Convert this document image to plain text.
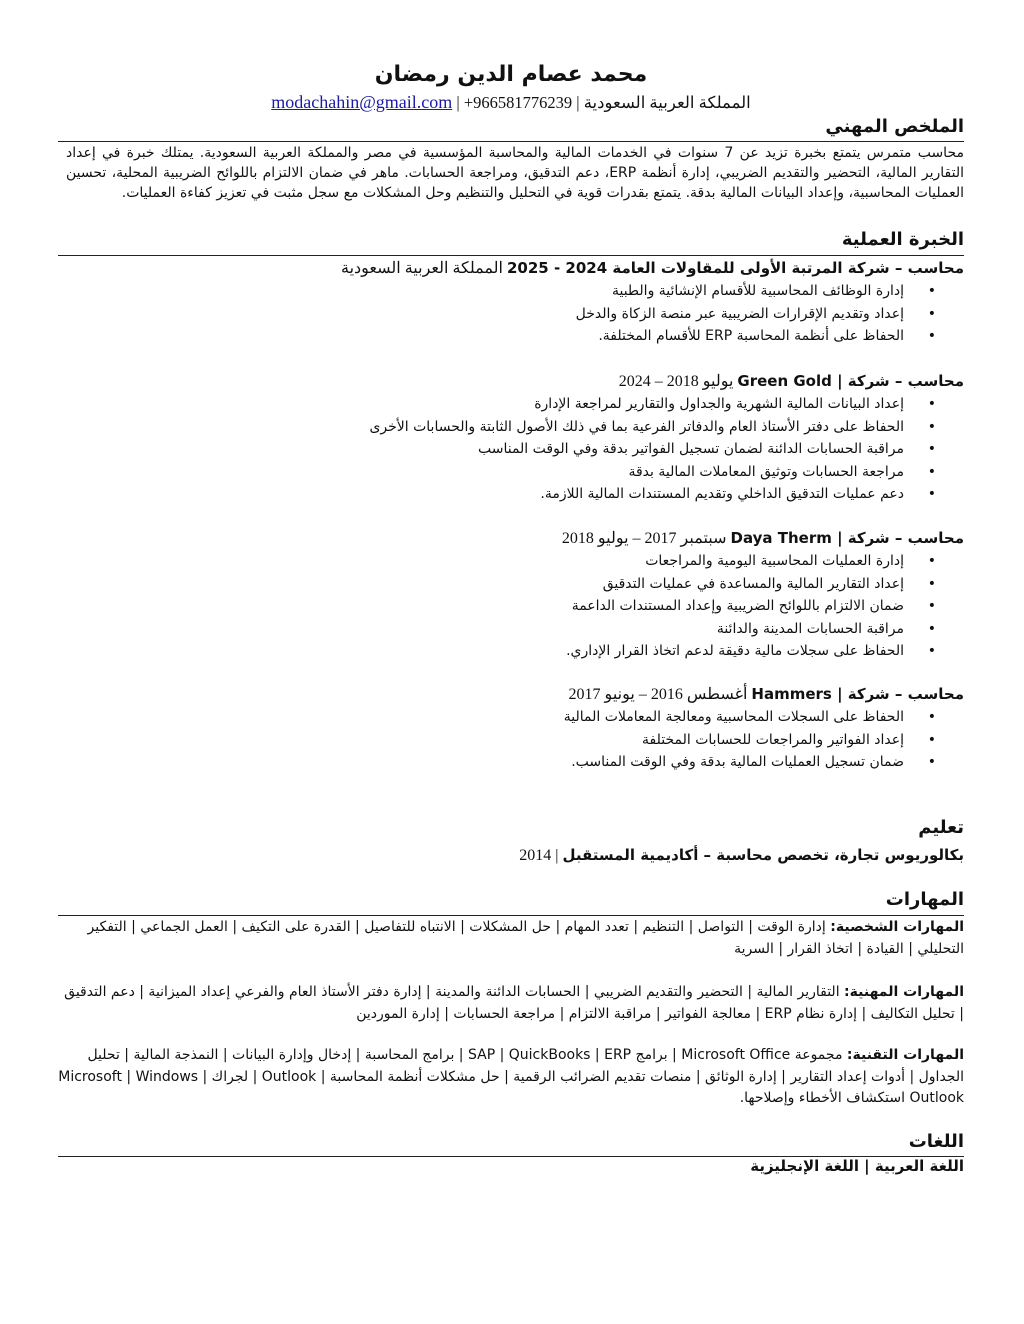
محمد عصام الدين رمضان
المملكة العربية السعودية | 966581776239+ | modachahin@gmail.com
الملخص المهني
محاسب متمرس يتمتع بخبرة تزيد عن 7 سنوات في الخدمات المالية والمحاسبة المؤسسية في مصر والمملكة العربية السعودية. يمتلك خبرة في إعداد التقارير المالية، التحضير والتقديم الضريبي، إدارة أنظمة ERP، دعم التدقيق، ومراجعة الحسابات. ماهر في ضمان الالتزام باللوائح الضريبية المحلية، تحسين العمليات المحاسبية، وإعداد البيانات المالية بدقة. يتمتع بقدرات قوية في التحليل والتنظيم وحل المشكلات مع سجل مثبت في تعزيز كفاءة العمليات.
الخبرة العملية
محاسب – شركة المرتبة الأولى للمقاولات العامة 2024 - 2025 المملكة العربية السعودية
• إدارة الوظائف المحاسبية للأقسام الإنشائية والطبية
• إعداد وتقديم الإقرارات الضريبية عبر منصة الزكاة والدخل
• الحفاظ على أنظمة المحاسبة ERP للأقسام المختلفة.
محاسب – شركة | Green Gold يوليو 2018 – 2024
• إعداد البيانات المالية الشهرية والجداول والتقارير لمراجعة الإدارة
• الحفاظ على دفتر الأستاذ العام والدفاتر الفرعية بما في ذلك الأصول الثابتة والحسابات الأخرى
• مراقبة الحسابات الدائنة لضمان تسجيل الفواتير بدقة وفي الوقت المناسب
• مراجعة الحسابات وتوثيق المعاملات المالية بدقة
• دعم عمليات التدقيق الداخلي وتقديم المستندات المالية اللازمة.
محاسب – شركة | Daya Therm سبتمبر 2017 – يوليو 2018
• إدارة العمليات المحاسبية اليومية والمراجعات
• إعداد التقارير المالية والمساعدة في عمليات التدقيق
• ضمان الالتزام باللوائح الضريبية وإعداد المستندات الداعمة
• مراقبة الحسابات المدينة والدائنة
• الحفاظ على سجلات مالية دقيقة لدعم اتخاذ القرار الإداري.
محاسب – شركة | Hammers أغسطس 2016 – يونيو 2017
• الحفاظ على السجلات المحاسبية ومعالجة المعاملات المالية
• إعداد الفواتير والمراجعات للحسابات المختلفة
• ضمان تسجيل العمليات المالية بدقة وفي الوقت المناسب.
تعليم
بكالوريوس تجارة، تخصص محاسبة – أكاديمية المستقبل | 2014
المهارات
المهارات الشخصية: إدارة الوقت | التواصل | التنظيم | تعدد المهام | حل المشكلات | الانتباه للتفاصيل | القدرة على التكيف | العمل الجماعي | التفكير التحليلي | القيادة | اتخاذ القرار | السرية
المهارات المهنية: التقارير المالية | التحضير والتقديم الضريبي | الحسابات الدائنة والمدينة | إدارة دفتر الأستاذ العام والفرعي إعداد الميزانية | دعم التدقيق | تحليل التكاليف | إدارة نظام ERP | معالجة الفواتير | مراقبة الالتزام | مراجعة الحسابات | إدارة الموردين
المهارات التقنية: مجموعة Microsoft Office | برامج SAP | QuickBooks | ERP | برامج المحاسبة | إدخال وإدارة البيانات | النمذجة المالية | تحليل الجداول | أدوات إعداد التقارير | إدارة الوثائق | منصات تقديم الضرائب الرقمية | حل مشكلات أنظمة المحاسبة | Outlook | لجراك Microsoft | Windows | Outlook استكشاف الأخطاء وإصلاحها.
اللغات
اللغة العربية | اللغة الإنجليزية
